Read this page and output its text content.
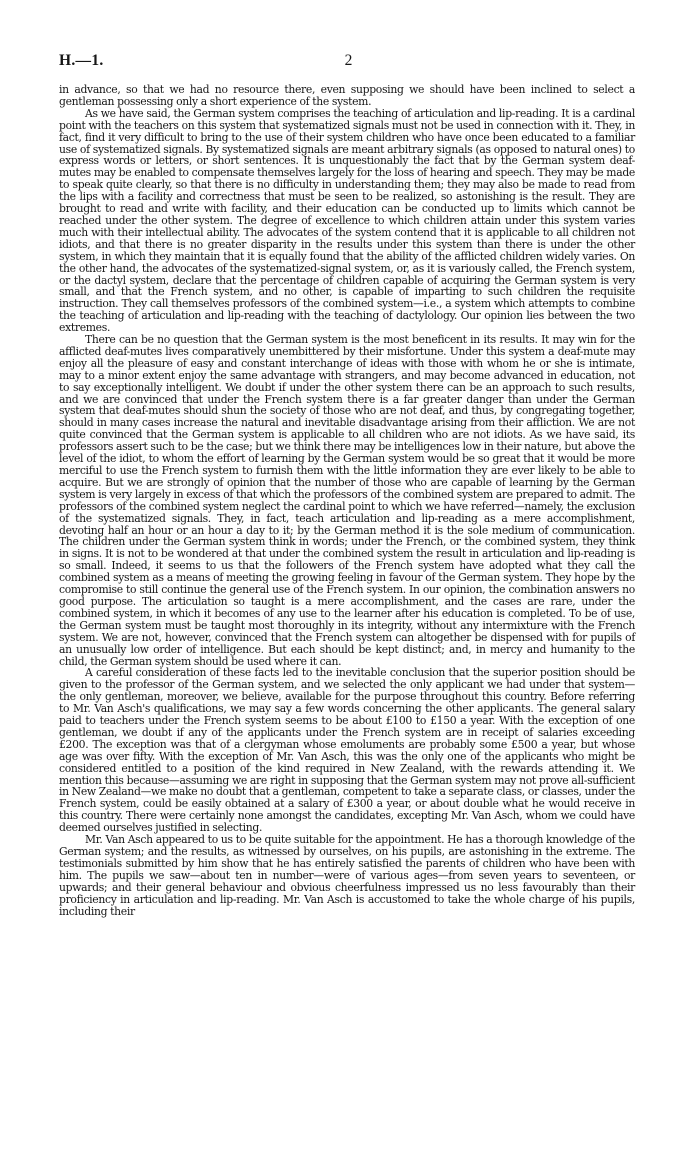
H.—1.	2

in advance, so that we had no resource there, even supposing we should have been inclined to select a gentleman possessing only a short experience of the system.

As we have said, the German system comprises the teaching of articulation and lip-reading. It is a cardinal point with the teachers on this system that systematized signals must not be used in connection with it. They, in fact, find it very difficult to bring to the use of their system children who have once been educated to a familiar use of systematized signals. By systematized signals are meant arbitrary signals (as opposed to natural ones) to express words or letters, or short sentences. It is unquestionably the fact that by the German system deaf-mutes may be enabled to compensate themselves largely for the loss of hearing and speech. They may be made to speak quite clearly, so that there is no difficulty in understanding them; they may also be made to read from the lips with a facility and correctness that must be seen to be realized, so astonishing is the result. They are brought to read and write with facility, and their education can be conducted up to limits which cannot be reached under the other system. The degree of excellence to which children attain under this system varies much with their intellectual ability. The advocates of the system contend that it is applicable to all children not idiots, and that there is no greater disparity in the results under this system than there is under the other system, in which they maintain that it is equally found that the ability of the afflicted children widely varies. On the other hand, the advocates of the systematized-signal system, or, as it is variously called, the French system, or the dactyl system, declare that the percentage of children capable of acquiring the German system is very small, and that the French system, and no other, is capable of imparting to such children the requisite instruction. They call themselves professors of the combined system—i.e., a system which attempts to combine the teaching of articulation and lip-reading with the teaching of dactylology. Our opinion lies between the two extremes.

There can be no question that the German system is the most beneficent in its results. It may win for the afflicted deaf-mutes lives comparatively unembittered by their misfortune. Under this system a deaf-mute may enjoy all the pleasure of easy and constant interchange of ideas with those with whom he or she is intimate, may to a minor extent enjoy the same advantage with strangers, and may become advanced in education, not to say exceptionally intelligent. We doubt if under the other system there can be an approach to such results, and we are convinced that under the French system there is a far greater danger than under the German system that deaf-mutes should shun the society of those who are not deaf, and thus, by congregating together, should in many cases increase the natural and inevitable disadvantage arising from their affliction. We are not quite convinced that the German system is applicable to all children who are not idiots. As we have said, its professors assert such to be the case; but we think there may be intelligences low in their nature, but above the level of the idiot, to whom the effort of learning by the German system would be so great that it would be more merciful to use the French system to furnish them with the little information they are ever likely to be able to acquire. But we are strongly of opinion that the number of those who are capable of learning by the German system is very largely in excess of that which the professors of the combined system are prepared to admit. The professors of the combined system neglect the cardinal point to which we have referred—namely, the exclusion of the systematized signals. They, in fact, teach articulation and lip-reading as a mere accomplishment, devoting half an hour or an hour a day to it; by the German method it is the sole medium of communication. The children under the German system think in words; under the French, or the combined system, they think in signs. It is not to be wondered at that under the combined system the result in articulation and lip-reading is so small. Indeed, it seems to us that the followers of the French system have adopted what they call the combined system as a means of meeting the growing feeling in favour of the German system. They hope by the compromise to still continue the general use of the French system. In our opinion, the combination answers no good purpose. The articulation so taught is a mere accomplishment, and the cases are rare, under the combined system, in which it becomes of any use to the learner after his education is completed. To be of use, the German system must be taught most thoroughly in its integrity, without any intermixture with the French system. We are not, however, convinced that the French system can altogether be dispensed with for pupils of an unusually low order of intelligence. But each should be kept distinct; and, in mercy and humanity to the child, the German system should be used where it can.

A careful consideration of these facts led to the inevitable conclusion that the superior position should be given to the professor of the German system, and we selected the only applicant we had under that system—the only gentleman, moreover, we believe, available for the purpose throughout this country. Before referring to Mr. Van Asch's qualifications, we may say a few words concerning the other applicants. The general salary paid to teachers under the French system seems to be about £100 to £150 a year. With the exception of one gentleman, we doubt if any of the applicants under the French system are in receipt of salaries exceeding £200. The exception was that of a clergyman whose emoluments are probably some £500 a year, but whose age was over fifty. With the exception of Mr. Van Asch, this was the only one of the applicants who might be considered entitled to a position of the kind required in New Zealand, with the rewards attending it. We mention this because—assuming we are right in supposing that the German system may not prove all-sufficient in New Zealand—we make no doubt that a gentleman, competent to take a separate class, or classes, under the French system, could be easily obtained at a salary of £300 a year, or about double what he would receive in this country. There were certainly none amongst the candidates, excepting Mr. Van Asch, whom we could have deemed ourselves justified in selecting.

Mr. Van Asch appeared to us to be quite suitable for the appointment. He has a thorough knowledge of the German system; and the results, as witnessed by ourselves, on his pupils, are astonishing in the extreme. The testimonials submitted by him show that he has entirely satisfied the parents of children who have been with him. The pupils we saw—about ten in number—were of various ages—from seven years to seventeen, or upwards; and their general behaviour and obvious cheerfulness impressed us no less favourably than their proficiency in articulation and lip-reading. Mr. Van Asch is accustomed to take the whole charge of his pupils, including their
